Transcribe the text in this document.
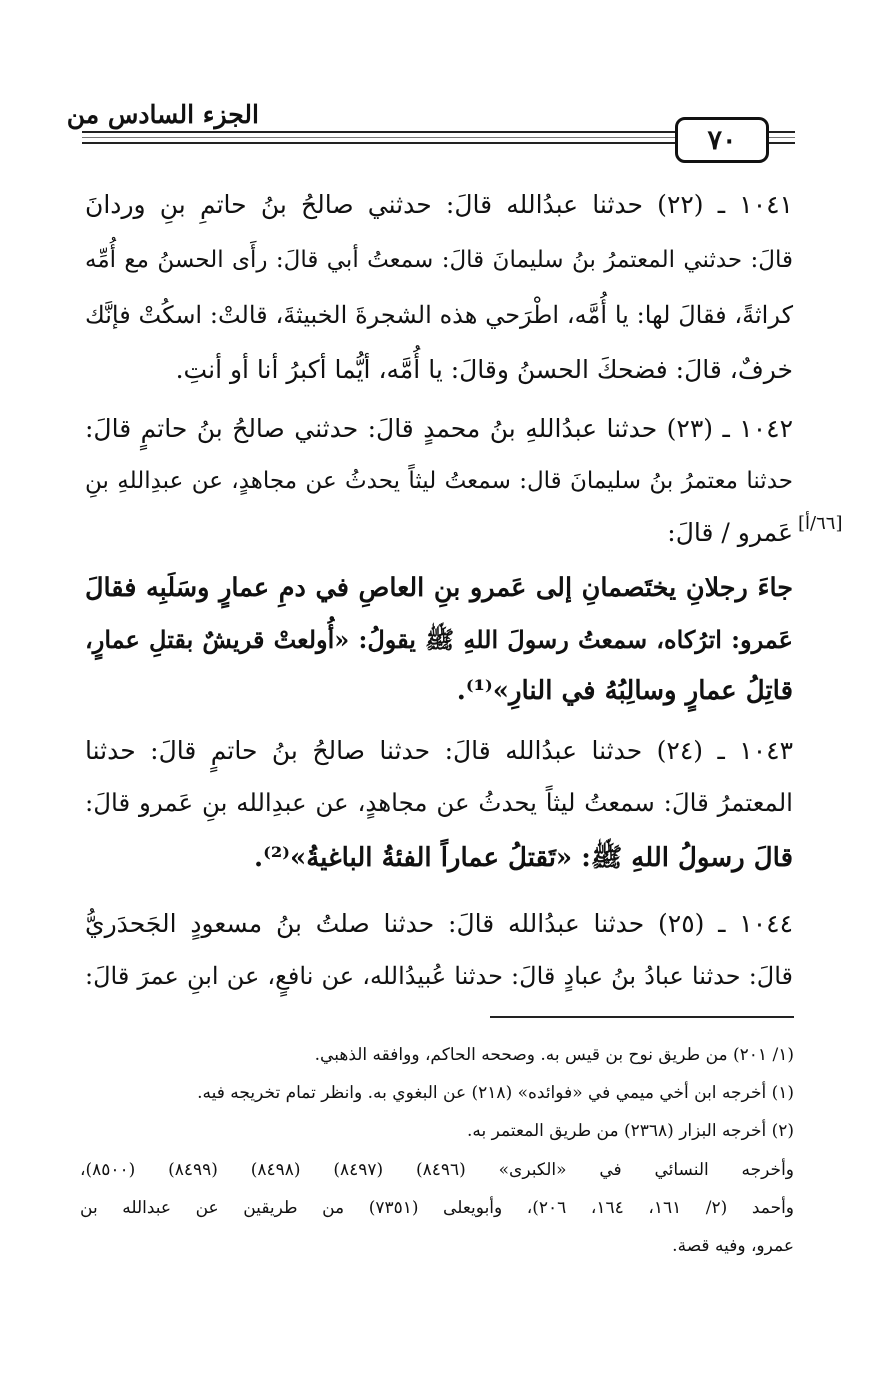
الجزء السادس من
٧٠
١٠٤١ ـ (٢٢) حدثنا عبدُالله قالَ: حدثني صالحُ بنُ حاتمِ بنِ وردانَ
قالَ: حدثني المعتمرُ بنُ سليمانَ قالَ: سمعتُ أبي قالَ: رأَى الحسنُ مع أُمِّه
كراثةً، فقالَ لها: يا أُمَّه، اطْرَحي هذه الشجرةَ الخبيثةَ، قالتْ: اسكُتْ فإنَّك
خرفٌ، قالَ: فضحكَ الحسنُ وقالَ: يا أُمَّه، أيُّما أكبرُ أنا أو أنتِ.
١٠٤٢ ـ (٢٣) حدثنا عبدُاللهِ بنُ محمدٍ قالَ: حدثني صالحُ بنُ حاتمٍ قالَ:
حدثنا معتمرُ بنُ سليمانَ قال: سمعتُ ليثاً يحدثُ عن مجاهدٍ، عن عبدِاللهِ بنِ
عَمرو / قالَ: [٦٦/أ]
جاءَ رجلانِ يختَصمانِ إلى عَمرو بنِ العاصِ في دمِ عمارٍ وسَلَبِه فقالَ
عَمرو: اترُكاه، سمعتُ رسولَ اللهِ ﷺ يقولُ: «أُولعتْ قريشٌ بقتلِ عمارٍ،
قاتِلُ عمارٍ وسالِبُهُ في النارِ»⁽¹⁾.
١٠٤٣ ـ (٢٤) حدثنا عبدُالله قالَ: حدثنا صالحُ بنُ حاتمٍ قالَ: حدثنا
المعتمرُ قالَ: سمعتُ ليثاً يحدثُ عن مجاهدٍ، عن عبدِالله بنِ عَمرو قالَ:
قالَ رسولُ اللهِ ﷺ: «تَقتلُ عماراً الفئةُ الباغيةُ»⁽²⁾.
١٠٤٤ ـ (٢٥) حدثنا عبدُالله قالَ: حدثنا صلتُ بنُ مسعودٍ الجَحدَريُّ
قالَ: حدثنا عبادُ بنُ عبادٍ قالَ: حدثنا عُبيدُالله، عن نافعٍ، عن ابنِ عمرَ قالَ:
(١/ ٢٠١) من طريق نوح بن قيس به. وصححه الحاكم، ووافقه الذهبي.
(١) أخرجه ابن أخي ميمي في «فوائده» (٢١٨) عن البغوي به. وانظر تمام تخريجه فيه.
(٢) أخرجه البزار (٢٣٦٨) من طريق المعتمر به.
وأخرجه النسائي في «الكبرى» (٨٤٩٦) (٨٤٩٧) (٨٤٩٨) (٨٤٩٩) (٨٥٠٠)،
وأحمد (٢/ ١٦١، ١٦٤، ٢٠٦)، وأبويعلى (٧٣٥١) من طريقين عن عبدالله بن
عمرو، وفيه قصة.
